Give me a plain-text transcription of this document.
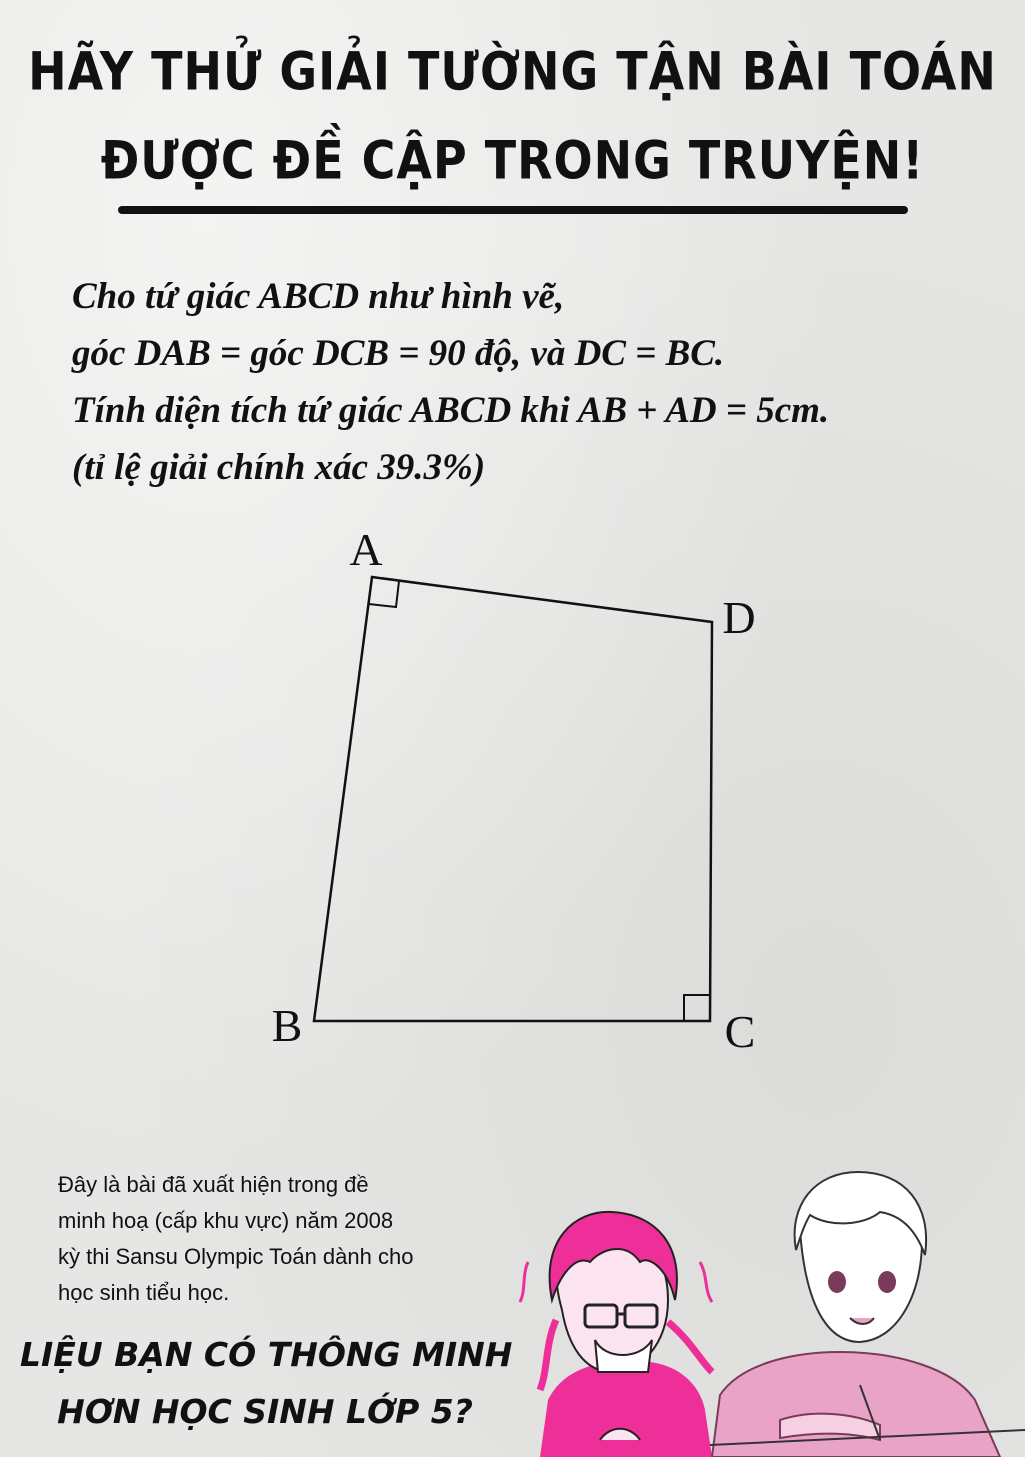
HÃY THỬ GIẢI TƯỜNG TẬN BÀI TOÁN
ĐƯỢC ĐỀ CẬP TRONG TRUYỆN!
Cho tứ giác ABCD như hình vẽ,
góc DAB = góc DCB = 90 độ, và DC = BC.
Tính diện tích tứ giác ABCD khi AB + AD = 5cm.
(tỉ lệ giải chính xác 39.3%)
A
D
B	C
Đây là bài đã xuất hiện trong đề
minh hoạ (cấp khu vực) năm 2008
kỳ thi Sansu Olympic Toán dành cho
học sinh tiểu học.
LIỆU BẠN CÓ THÔNG MINH
HƠN HỌC SINH LỚP 5?
